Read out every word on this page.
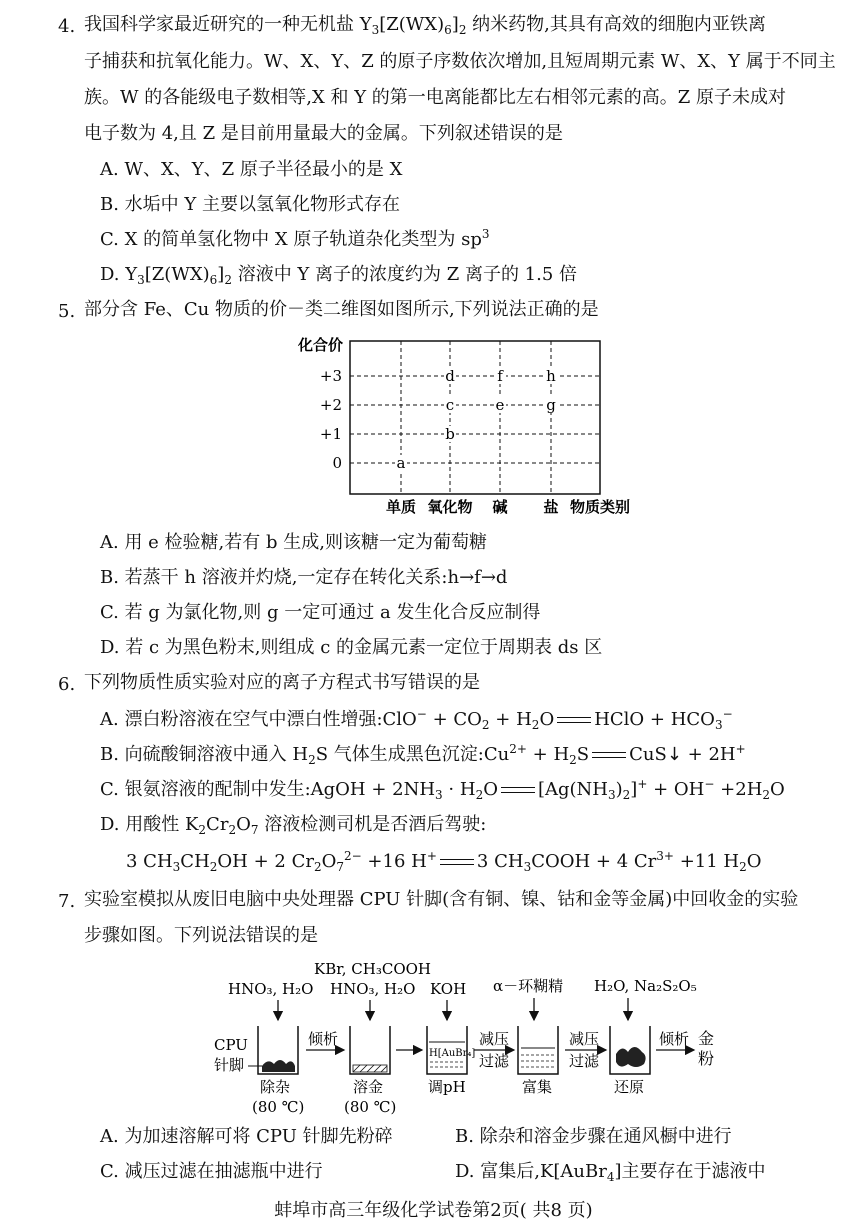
4. 我国科学家最近研究的一种无机盐 $Y_3[Z(WX)_6]_2$ 纳米药物,其具有高效的细胞内亚铁离
子捕获和抗氧化能力。W、X、Y、Z 的原子序数依次增加,且短周期元素 W、X、Y 属于不同主
族。W 的各能级电子数相等,X 和 Y 的第一电离能都比左右相邻元素的高。Z 原子未成对
电子数为 4,且 Z 是目前用量最大的金属。下列叙述错误的是
A. W、X、Y、Z 原子半径最小的是 X
B. 水垢中 Y 主要以氢氧化物形式存在
C. X 的简单氢化物中 X 原子轨道杂化类型为 $sp^3$
D. $Y_3[Z(WX)_6]_2$ 溶液中 Y 离子的浓度约为 Z 离子的 1.5 倍
5. 部分含 Fe、Cu 物质的价－类二维图如图所示,下列说法正确的是
化合价
+3
+2
+1
0
单质 氧化物 碱 盐
a
b
c
d
e
f
g
h
物质类别
A. 用 e 检验糖,若有 b 生成,则该糖一定为葡萄糖
B. 若蒸干 h 溶液并灼烧,一定存在转化关系:h→f→d
C. 若 g 为氯化物,则 g 一定可通过 a 发生化合反应制得
D. 若 c 为黑色粉末,则组成 c 的金属元素一定位于周期表 ds 区
6. 下列物质性质实验对应的离子方程式书写错误的是
A. 漂白粉溶液在空气中漂白性增强:ClO− + $CO_2 + H_2O$ HClO + $HCO_3^-$
B. 向硫酸铜溶液中通入 $H_2S$ 气体生成黑色沉淀$:Cu^{2+} + H_2S$ CuS↓ + 2H+
C. 银氨溶液的配制中发生:AgOH + $2NH_3 \cdot H_2O$ $[Ag(NH_3)_2]^+ + OH^- +2H_2O$
D. 用酸性 $K_2Cr_2O_7$ 溶液检测司机是否酒后驾驶:
3 $CH_3CH_2OH + 2$ $Cr_2O_7^{2-} +16$ H+ 3 $CH_3COOH + 4$ $Cr^{3+} +11$ $H_2O$
7. 实验室模拟从废旧电脑中央处理器 CPU 针脚(含有铜、镍、钴和金等金属)中回收金的实验
步骤如图。下列说法错误的是
HNO₃, H₂O
KBr, CH₃COOH
HNO₃, H₂O KOH α－环糊精 H₂O, Na₂S₂O₅
CPU
针脚
倾析
H[AuBr₄]
减压
过滤
减压
过滤
倾析 金
粉
除杂
(80 ℃)
溶金
(80 ℃)
调pH	富集	还原
A. 为加速溶解可将 CPU 针脚先粉碎	B. 除杂和溶金步骤在通风橱中进行
C. 减压过滤在抽滤瓶中进行	D. 富集后,K[AuBr$_4$]主要存在于滤液中
蚌埠市高三年级化学试卷第2页( 共8 页)
